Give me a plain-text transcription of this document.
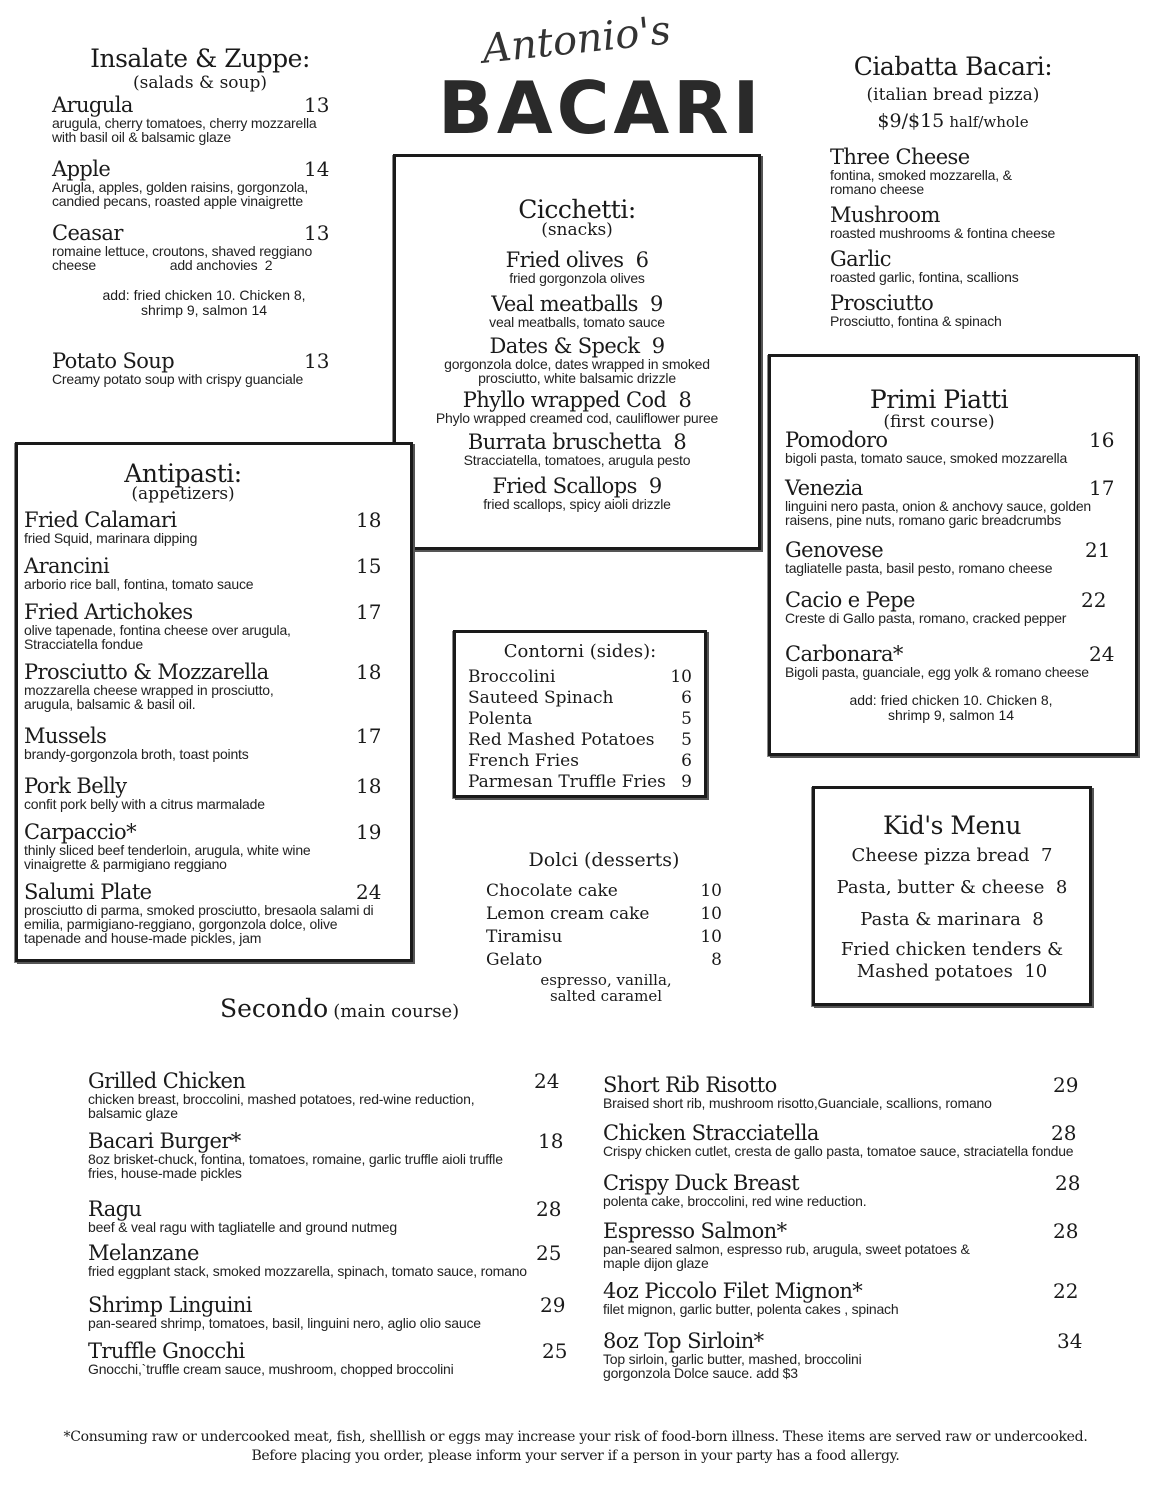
Antonio's
BACARI
Insalate & Zuppe:
(salads & soup)
Arugula
arugula, cherry tomatoes, cherry mozzarella with basil oil & balsamic glaze
13
Apple
Arugla, apples, golden raisins, gorgonzola, candied pecans, roasted apple vinaigrette
14
Ceasar
romaine lettuce, croutons, shaved reggiano cheese                    add anchovies  2
13
add: fried chicken 10. Chicken 8, shrimp 9, salmon 14
Potato Soup
Creamy potato soup with crispy guanciale
13
Ciabatta Bacari:
(italian bread pizza)
$9/$15 half/whole
Three Cheese
fontina, smoked mozzarella, & romano cheese
Mushroom
roasted mushrooms & fontina cheese
Garlic
roasted garlic, fontina, scallions
Prosciutto
Prosciutto, fontina & spinach
Cicchetti:
(snacks)
Fried olives 6
fried gorgonzola olives
Veal meatballs 9
veal meatballs, tomato sauce
Dates & Speck 9
gorgonzola dolce, dates wrapped in smoked prosciutto, white balsamic drizzle
Phyllo wrapped Cod 8
Phylo wrapped creamed cod, cauliflower puree
Burrata bruschetta 8
Stracciatella, tomatoes, arugula pesto
Fried Scallops 9
fried scallops, spicy aioli drizzle
Antipasti:
(appetizers)
Fried Calamari
fried Squid, marinara dipping
18
Arancini
arborio rice ball, fontina, tomato sauce
15
Fried Artichokes
olive tapenade, fontina cheese over arugula, Stracciatella fondue
17
Prosciutto & Mozzarella
mozzarella cheese wrapped in prosciutto, arugula, balsamic & basil oil.
18
Mussels
brandy-gorgonzola broth, toast points
17
Pork Belly
confit pork belly with a citrus marmalade
18
Carpaccio*
thinly sliced beef tenderloin, arugula, white wine vinaigrette & parmigiano reggiano
19
Salumi Plate
prosciutto di parma, smoked prosciutto, bresaola salami di emilia, parmigiano-reggiano, gorgonzola dolce, olive tapenade and house-made pickles, jam
24
Primi Piatti
(first course)
Pomodoro
bigoli pasta, tomato sauce, smoked mozzarella
16
Venezia
linguini nero pasta, onion & anchovy sauce, golden raisens, pine nuts, romano garic breadcrumbs
17
Genovese
tagliatelle pasta, basil pesto, romano cheese
21
Cacio e Pepe
Creste di Gallo pasta, romano, cracked pepper
22
Carbonara*
Bigoli pasta, guanciale, egg yolk & romano cheese
24
add: fried chicken 10. Chicken 8, shrimp 9, salmon 14
Contorni (sides):
Broccolini	10
Sauteed Spinach	6
Polenta	5
Red Mashed Potatoes 5
French Fries	6
Parmesan Truffle Fries 9
Dolci (desserts)
Chocolate cake	10
Lemon cream cake	10
Tiramisu	10
Gelato	8
espresso, vanilla, salted caramel
Kid's Menu
Cheese pizza bread 7
Pasta, butter & cheese 8
Pasta & marinara 8
Fried chicken tenders & Mashed potatoes 10
Secondo (main course)
Grilled Chicken
chicken breast, broccolini, mashed potatoes, red-wine reduction, balsamic glaze
24
Bacari Burger*
8oz brisket-chuck, fontina, tomatoes, romaine, garlic truffle aioli truffle fries, house-made pickles
18
Ragu
beef & veal ragu with tagliatelle and ground nutmeg
28
Melanzane
fried eggplant stack, smoked mozzarella, spinach, tomato sauce, romano
25
Shrimp Linguini
pan-seared shrimp, tomatoes, basil, linguini nero, aglio olio sauce
29
Truffle Gnocchi
Gnocchi,`truffle cream sauce, mushroom, chopped broccolini
25
Short Rib Risotto
Braised short rib, mushroom risotto,Guanciale, scallions, romano
29
Chicken Stracciatella
Crispy chicken cutlet, cresta de gallo pasta, tomatoe sauce, straciatella fondue
28
Crispy Duck Breast
polenta cake, broccolini, red wine reduction.
28
Espresso Salmon*
pan-seared salmon, espresso rub, arugula, sweet potatoes & maple dijon glaze
28
4oz Piccolo Filet Mignon*
filet mignon, garlic butter, polenta cakes , spinach
22
8oz Top Sirloin*
Top sirloin, garlic butter, mashed, broccolini gorgonzola Dolce sauce. add $3
34
*Consuming raw or undercooked meat, fish, shelllish or eggs may increase your risk of food-born illness. These items are served raw or undercooked.
Before placing you order, please inform your server if a person in your party has a food allergy.
